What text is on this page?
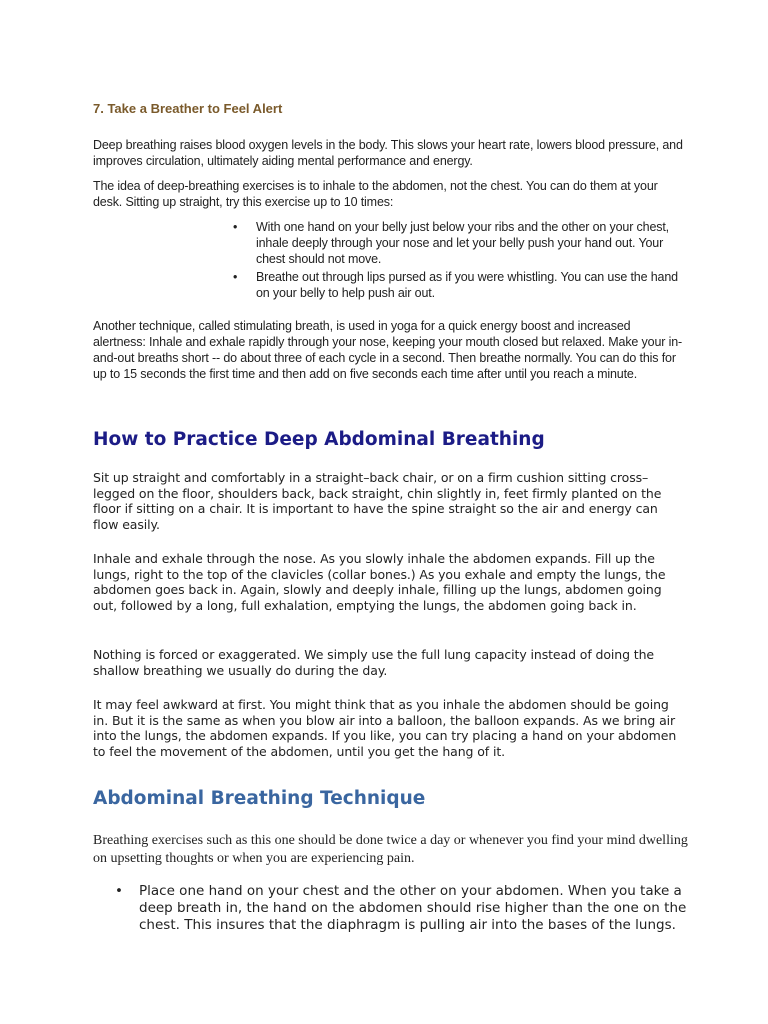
7. Take a Breather to Feel Alert

Deep breathing raises blood oxygen levels in the body. This slows your heart rate, lowers blood pressure, and improves circulation, ultimately aiding mental performance and energy.

The idea of deep-breathing exercises is to inhale to the abdomen, not the chest. You can do them at your desk. Sitting up straight, try this exercise up to 10 times:

• With one hand on your belly just below your ribs and the other on your chest, inhale deeply through your nose and let your belly push your hand out. Your chest should not move.
• Breathe out through lips pursed as if you were whistling. You can use the hand on your belly to help push air out.

Another technique, called stimulating breath, is used in yoga for a quick energy boost and increased alertness: Inhale and exhale rapidly through your nose, keeping your mouth closed but relaxed. Make your in-and-out breaths short -- do about three of each cycle in a second. Then breathe normally. You can do this for up to 15 seconds the first time and then add on five seconds each time after until you reach a minute.

How to Practice Deep Abdominal Breathing

Sit up straight and comfortably in a straight–back chair, or on a firm cushion sitting cross–legged on the floor, shoulders back, back straight, chin slightly in, feet firmly planted on the floor if sitting on a chair. It is important to have the spine straight so the air and energy can flow easily.

Inhale and exhale through the nose. As you slowly inhale the abdomen expands. Fill up the lungs, right to the top of the clavicles (collar bones.) As you exhale and empty the lungs, the abdomen goes back in. Again, slowly and deeply inhale, filling up the lungs, abdomen going out, followed by a long, full exhalation, emptying the lungs, the abdomen going back in.

Nothing is forced or exaggerated. We simply use the full lung capacity instead of doing the shallow breathing we usually do during the day.

It may feel awkward at first. You might think that as you inhale the abdomen should be going in. But it is the same as when you blow air into a balloon, the balloon expands. As we bring air into the lungs, the abdomen expands. If you like, you can try placing a hand on your abdomen to feel the movement of the abdomen, until you get the hang of it.

Abdominal Breathing Technique

Breathing exercises such as this one should be done twice a day or whenever you find your mind dwelling on upsetting thoughts or when you are experiencing pain.

• Place one hand on your chest and the other on your abdomen. When you take a deep breath in, the hand on the abdomen should rise higher than the one on the chest. This insures that the diaphragm is pulling air into the bases of the lungs.
